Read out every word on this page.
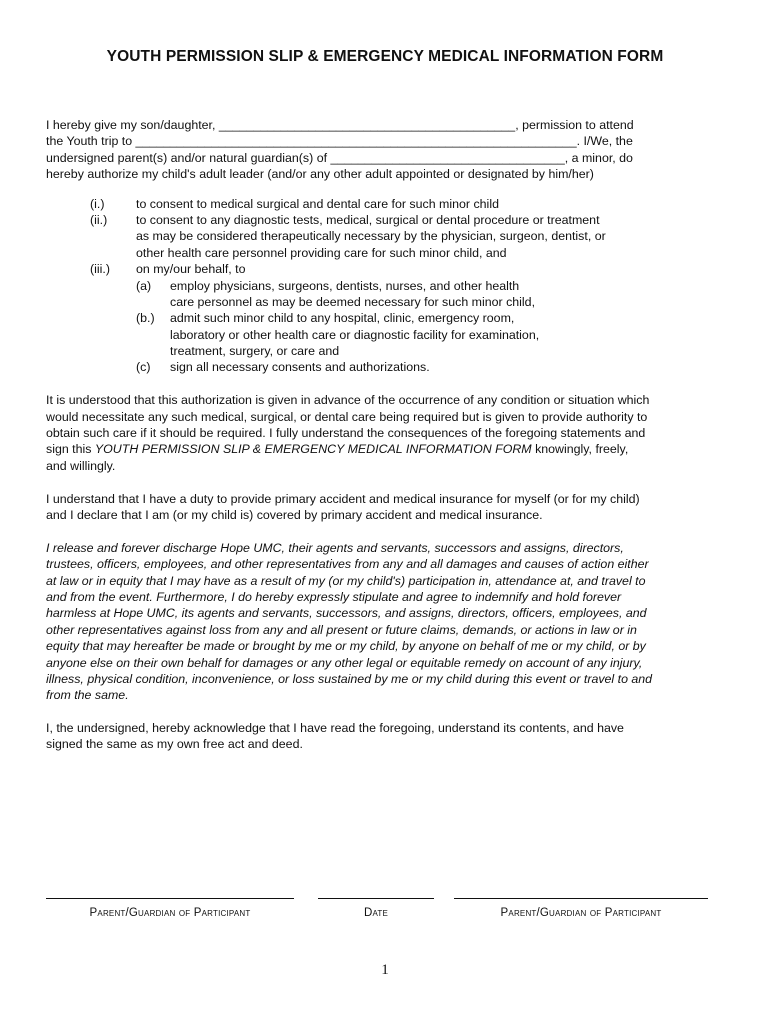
YOUTH PERMISSION SLIP & EMERGENCY MEDICAL INFORMATION FORM
I hereby give my son/daughter, ___________________________________________, permission to attend
the Youth trip to ________________________________________________________________. I/We, the
undersigned parent(s) and/or natural guardian(s) of __________________________________, a minor, do
hereby authorize my child's adult leader (and/or any other adult appointed or designated by him/her)
(i.)	to consent to medical surgical and dental care for such minor child
(ii.) to consent to any diagnostic tests, medical, surgical or dental procedure or treatment
as may be considered therapeutically necessary by the physician, surgeon, dentist, or
other health care personnel providing care for such minor child, and
(iii.) on my/our behalf, to
(a) employ physicians, surgeons, dentists, nurses, and other health
care personnel as may be deemed necessary for such minor child,
(b.) admit such minor child to any hospital, clinic, emergency room,
laboratory or other health care or diagnostic facility for examination,
treatment, surgery, or care and
(c) sign all necessary consents and authorizations.
It is understood that this authorization is given in advance of the occurrence of any condition or situation which
would necessitate any such medical, surgical, or dental care being required but is given to provide authority to
obtain such care if it should be required. I fully understand the consequences of the foregoing statements and
sign this YOUTH PERMISSION SLIP & EMERGENCY MEDICAL INFORMATION FORM knowingly, freely,
and willingly.
I understand that I have a duty to provide primary accident and medical insurance for myself (or for my child)
and I declare that I am (or my child is) covered by primary accident and medical insurance.
I release and forever discharge Hope UMC, their agents and servants, successors and assigns, directors,
trustees, officers, employees, and other representatives from any and all damages and causes of action either
at law or in equity that I may have as a result of my (or my child's) participation in, attendance at, and travel to
and from the event. Furthermore, I do hereby expressly stipulate and agree to indemnify and hold forever
harmless at Hope UMC, its agents and servants, successors, and assigns, directors, officers, employees, and
other representatives against loss from any and all present or future claims, demands, or actions in law or in
equity that may hereafter be made or brought by me or my child, by anyone on behalf of me or my child, or by
anyone else on their own behalf for damages or any other legal or equitable remedy on account of any injury,
illness, physical condition, inconvenience, or loss sustained by me or my child during this event or travel to and
from the same.
I, the undersigned, hereby acknowledge that I have read the foregoing, understand its contents, and have
signed the same as my own free act and deed.
Parent/Guardian of Participant	Date	Parent/Guardian of Participant
1
